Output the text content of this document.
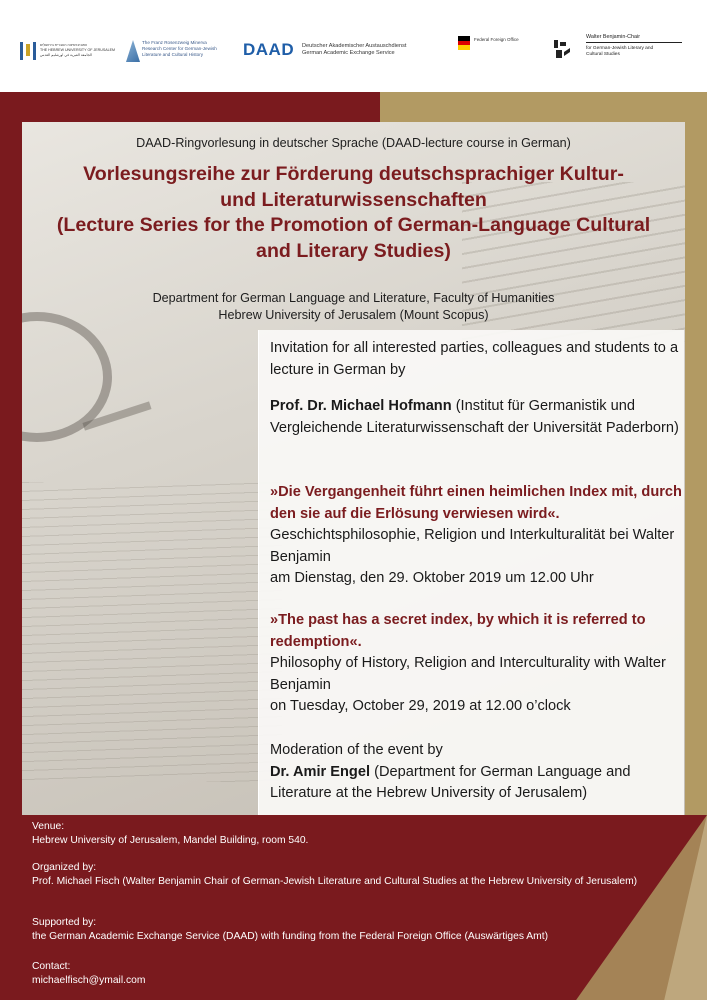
האוניברסיטה העברית בירושלים
THE HEBREW UNIVERSITY OF JERUSALEM
الجامعة العبرية في اورشليم القدس
The Franz Rosenzweig Minerva
Research Center for German-Jewish
Literature and Cultural History	DAAD Deutscher Akademischer Austauschdienst
German Academic Exchange Service
Federal Foreign Office	Walter Benjamin-Chair
for German-Jewish Literary and
Cultural Studies
DAAD-Ringvorlesung in deutscher Sprache (DAAD-lecture course in German)
Vorlesungsreihe zur Förderung deutschsprachiger Kultur-
und Literaturwissenschaften
(Lecture Series for the Promotion of German-Language Cultural
and Literary Studies)
Department for German Language and Literature, Faculty of Humanities
Hebrew University of Jerusalem (Mount Scopus)

Invitation for all interested parties, colleagues and students to a lecture in German by

Prof. Dr. Michael Hofmann (Institut für Germanistik und Vergleichende Literaturwissenschaft der Universität Paderborn)

»Die Vergangenheit führt einen heimlichen Index mit, durch den sie auf die Erlösung verwiesen wird«.
Geschichtsphilosophie, Religion und Interkulturalität bei Walter Benjamin
am Dienstag, den 29. Oktober 2019 um 12.00 Uhr

»The past has a secret index, by which it is referred to redemption«.
Philosophy of History, Religion and Interculturality with Walter Benjamin
on Tuesday, October 29, 2019 at 12.00 o’clock

Moderation of the event by
Dr. Amir Engel (Department for German Language and Literature at the Hebrew University of Jerusalem)

Venue:
Hebrew University of Jerusalem, Mandel Building, room 540.
Organized by:
Prof. Michael Fisch (Walter Benjamin Chair of German-Jewish Literature and Cultural Studies at the Hebrew University of Jerusalem)
Supported by:
the German Academic Exchange Service (DAAD) with funding from the Federal Foreign Office (Auswärtiges Amt)
Contact:
michaelfisch@ymail.com
